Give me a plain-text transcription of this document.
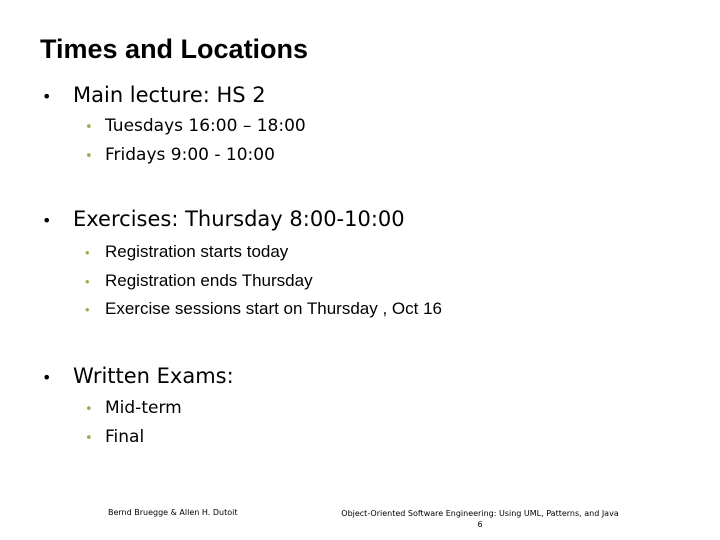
Times and Locations
• Main lecture: HS 2
• Tuesdays 16:00 – 18:00
• Fridays 9:00 - 10:00
• Exercises: Thursday 8:00-10:00
• Registration starts today
• Registration ends Thursday
• Exercise sessions start on Thursday , Oct 16
• Written Exams:
• Mid-term
• Final
Bernd Bruegge & Allen H. Dutoit	Object-Oriented Software Engineering: Using UML, Patterns, and Java
6
